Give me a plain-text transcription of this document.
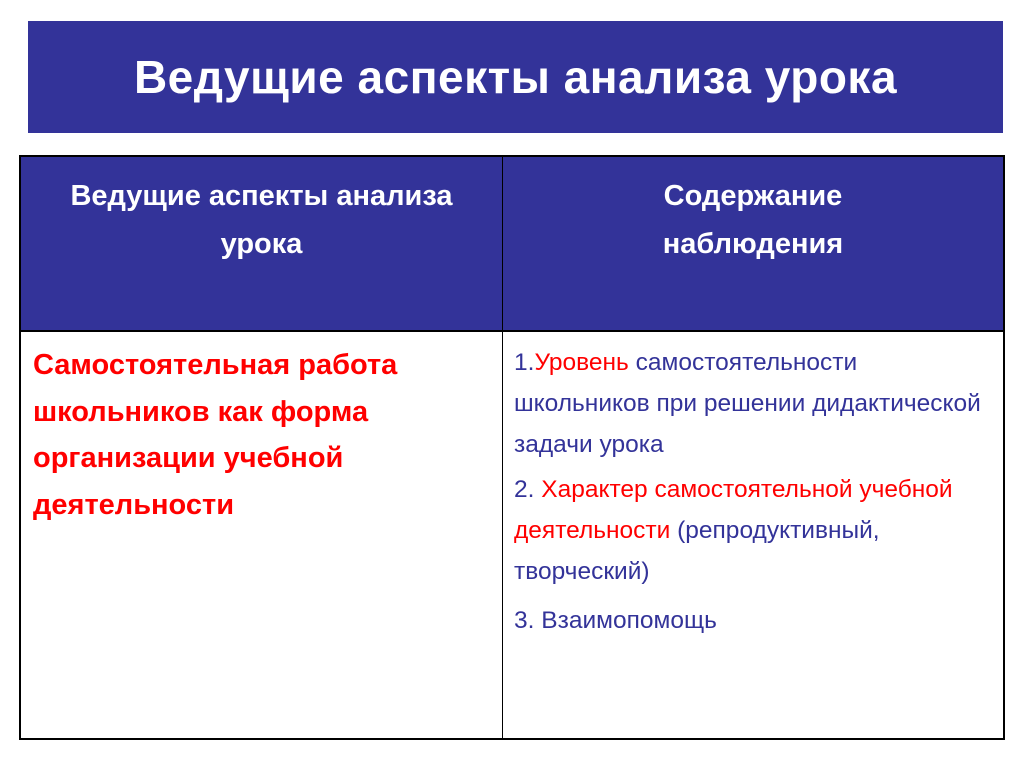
Ведущие аспекты анализа урока
Ведущие аспекты анализа урока
Содержание наблюдения
Самостоятельная работа школьников как форма организации учебной деятельности
1.Уровень самостоятельности школьников при решении дидактической задачи урока
2. Характер самостоятельной учебной деятельности (репродуктивный, творческий)
3. Взаимопомощь
